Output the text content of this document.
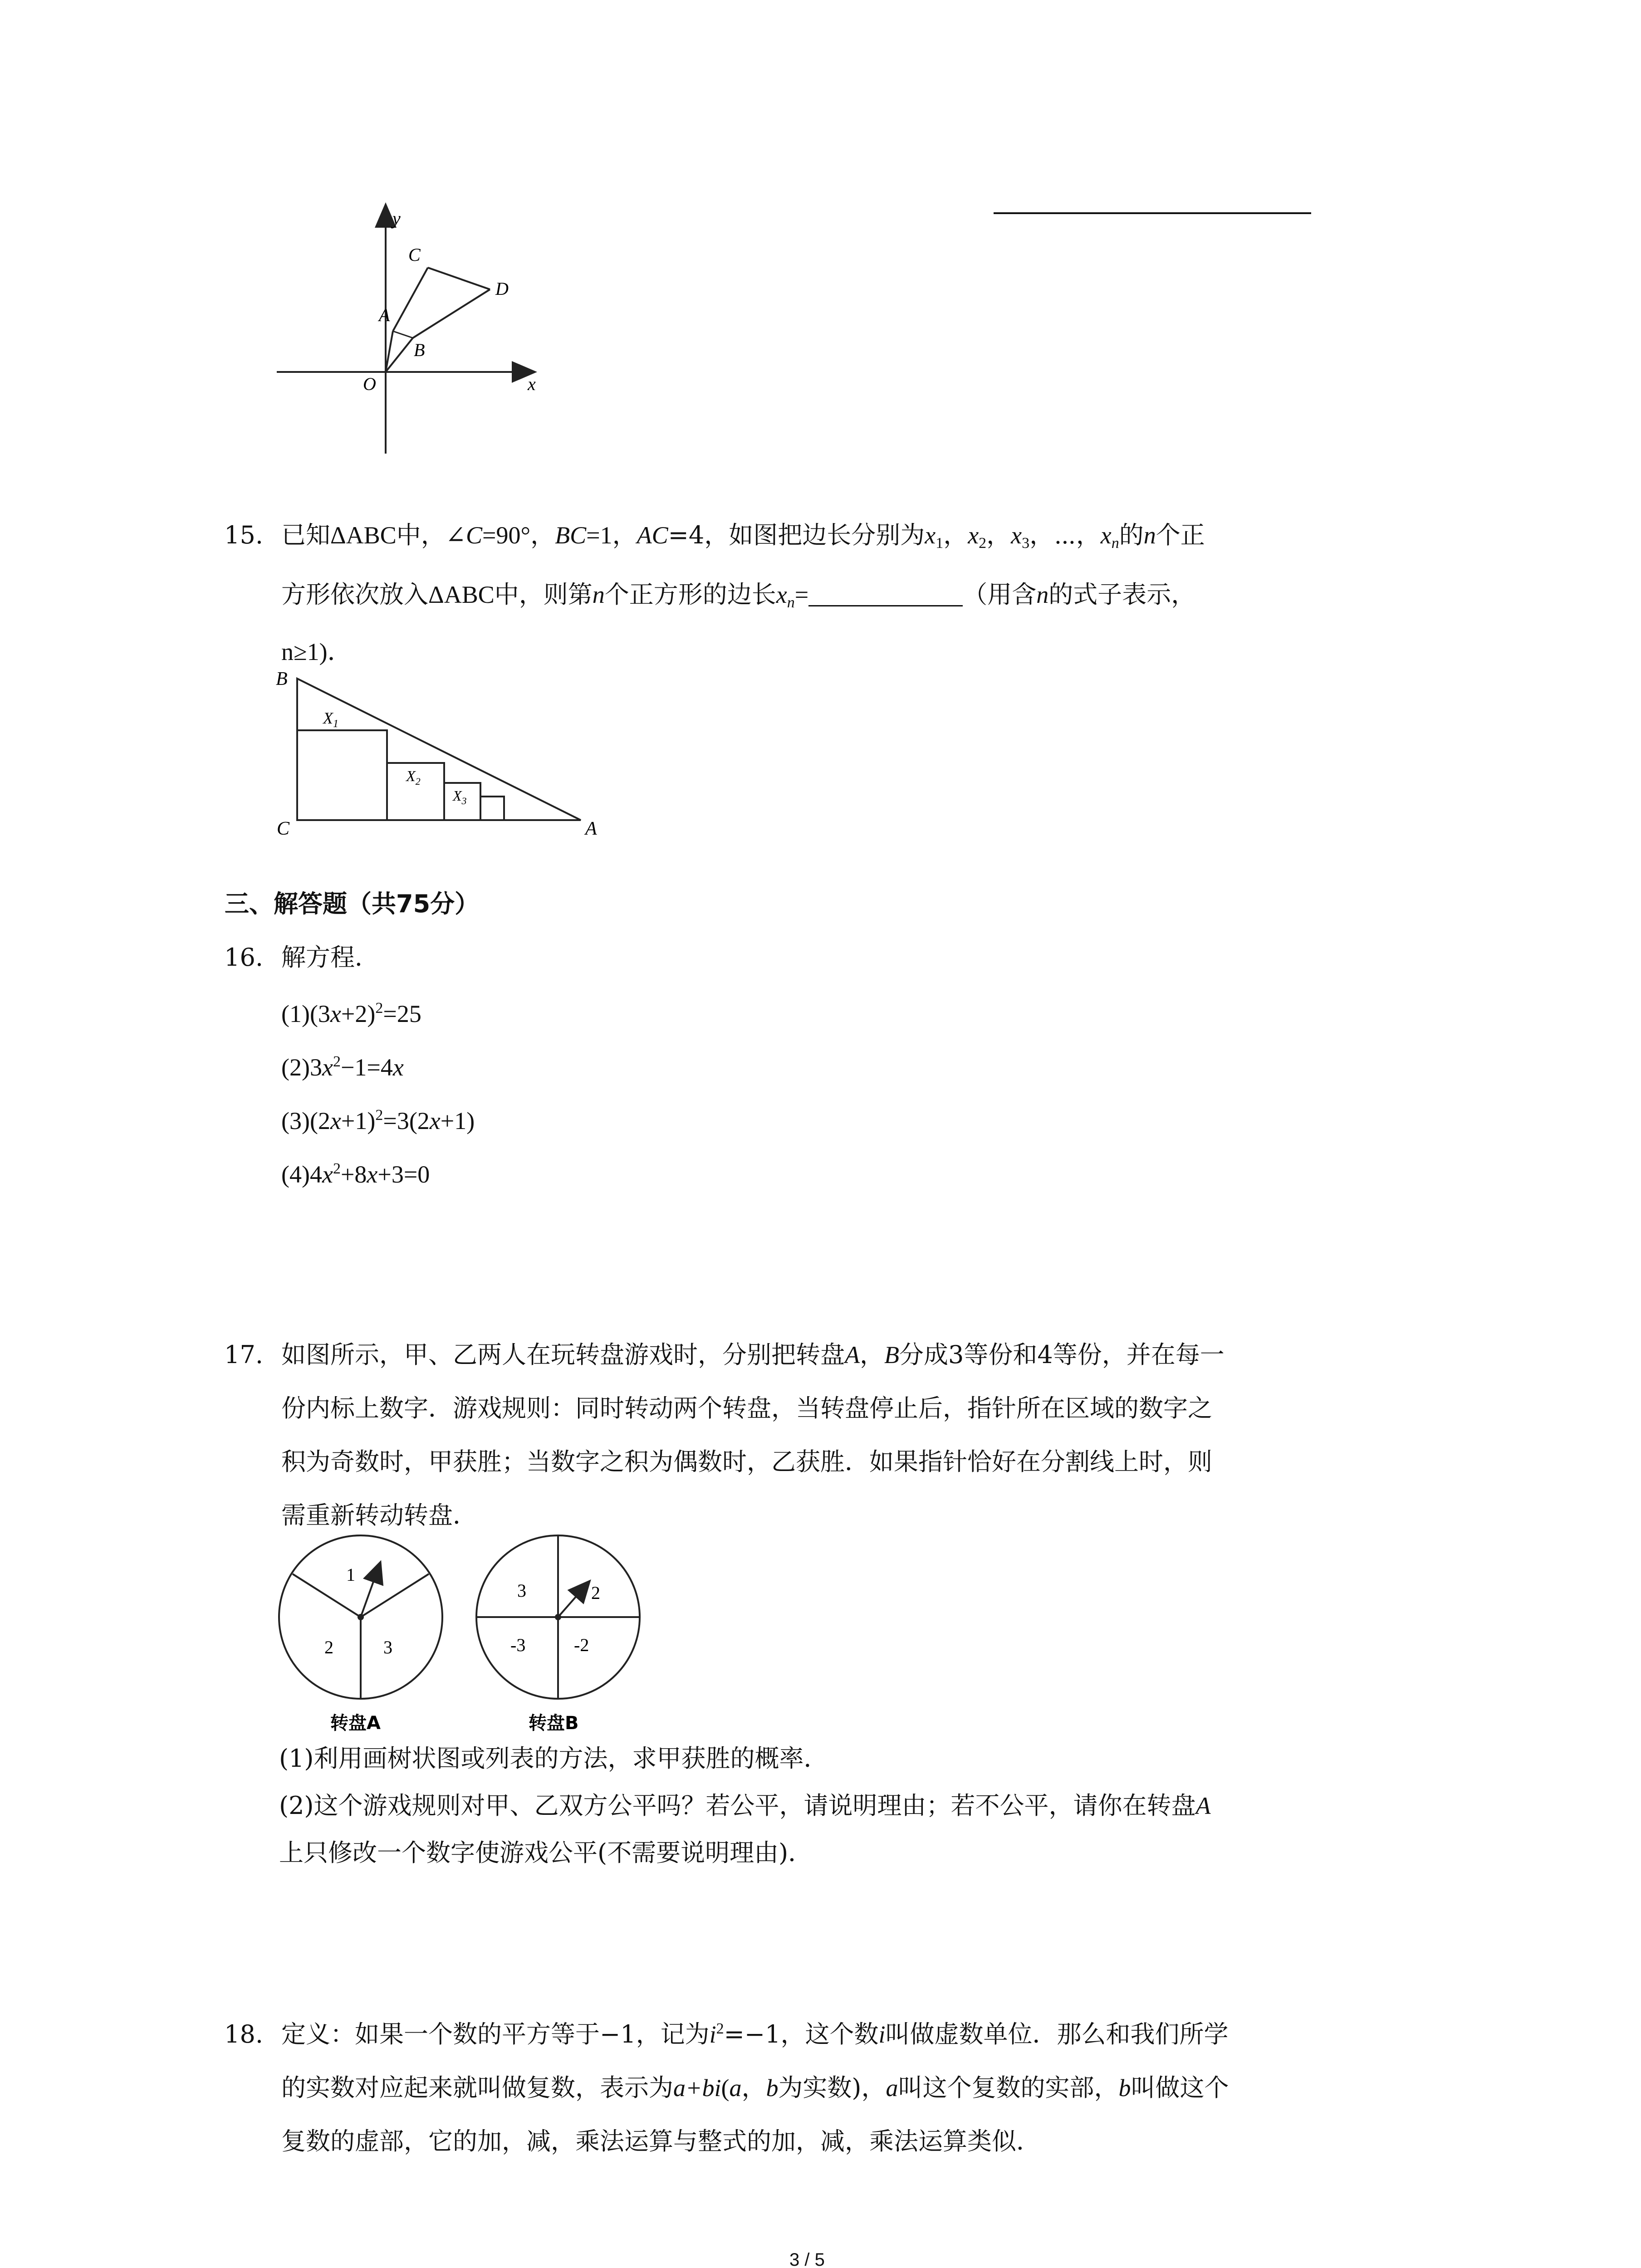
y
x
O
A
B
C
D
15. 已知ΔABC中，∠C=90°，BC=1，AC=4，如图把边长分别为$x_1$，$x_2$，$x_3$，⋯，$x_n$的n个正
方形依次放入ΔABC中，则第n个正方形的边长$x_n=$	（用含n的式子表示，
n≥1)．
B
C	A
$X_1$
$X_2$
$X_3$
三、解答题（共75分）
16. 解方程．
$(1)(3x+2)^2=25$
$(2)3x^2-1=4x$
$(3)(2x+1)^2=3(2x+1)$
$(4)4x^2+8x+3=0$
17. 如图所示，甲、乙两人在玩转盘游戏时，分别把转盘A，B分成3等份和4等份，并在每一
份内标上数字．游戏规则：同时转动两个转盘，当转盘停止后，指针所在区域的数字之
积为奇数时，甲获胜；当数字之积为偶数时，乙获胜．如果指针恰好在分割线上时，则
需重新转动转盘．
1
2	3
转盘A
3	2
-3	-2
转盘B
(1)利用画树状图或列表的方法，求甲获胜的概率．
(2)这个游戏规则对甲、乙双方公平吗？若公平，请说明理由；若不公平，请你在转盘A
上只修改一个数字使游戏公平(不需要说明理由)．
18. 定义：如果一个数的平方等于−1，记为$i^2=-1$，这个数i叫做虚数单位．那么和我们所学
的实数对应起来就叫做复数，表示为a+bi(a，b为实数)，a叫这个复数的实部，b叫做这个
复数的虚部，它的加，减，乘法运算与整式的加，减，乘法运算类似．
3 / 5
